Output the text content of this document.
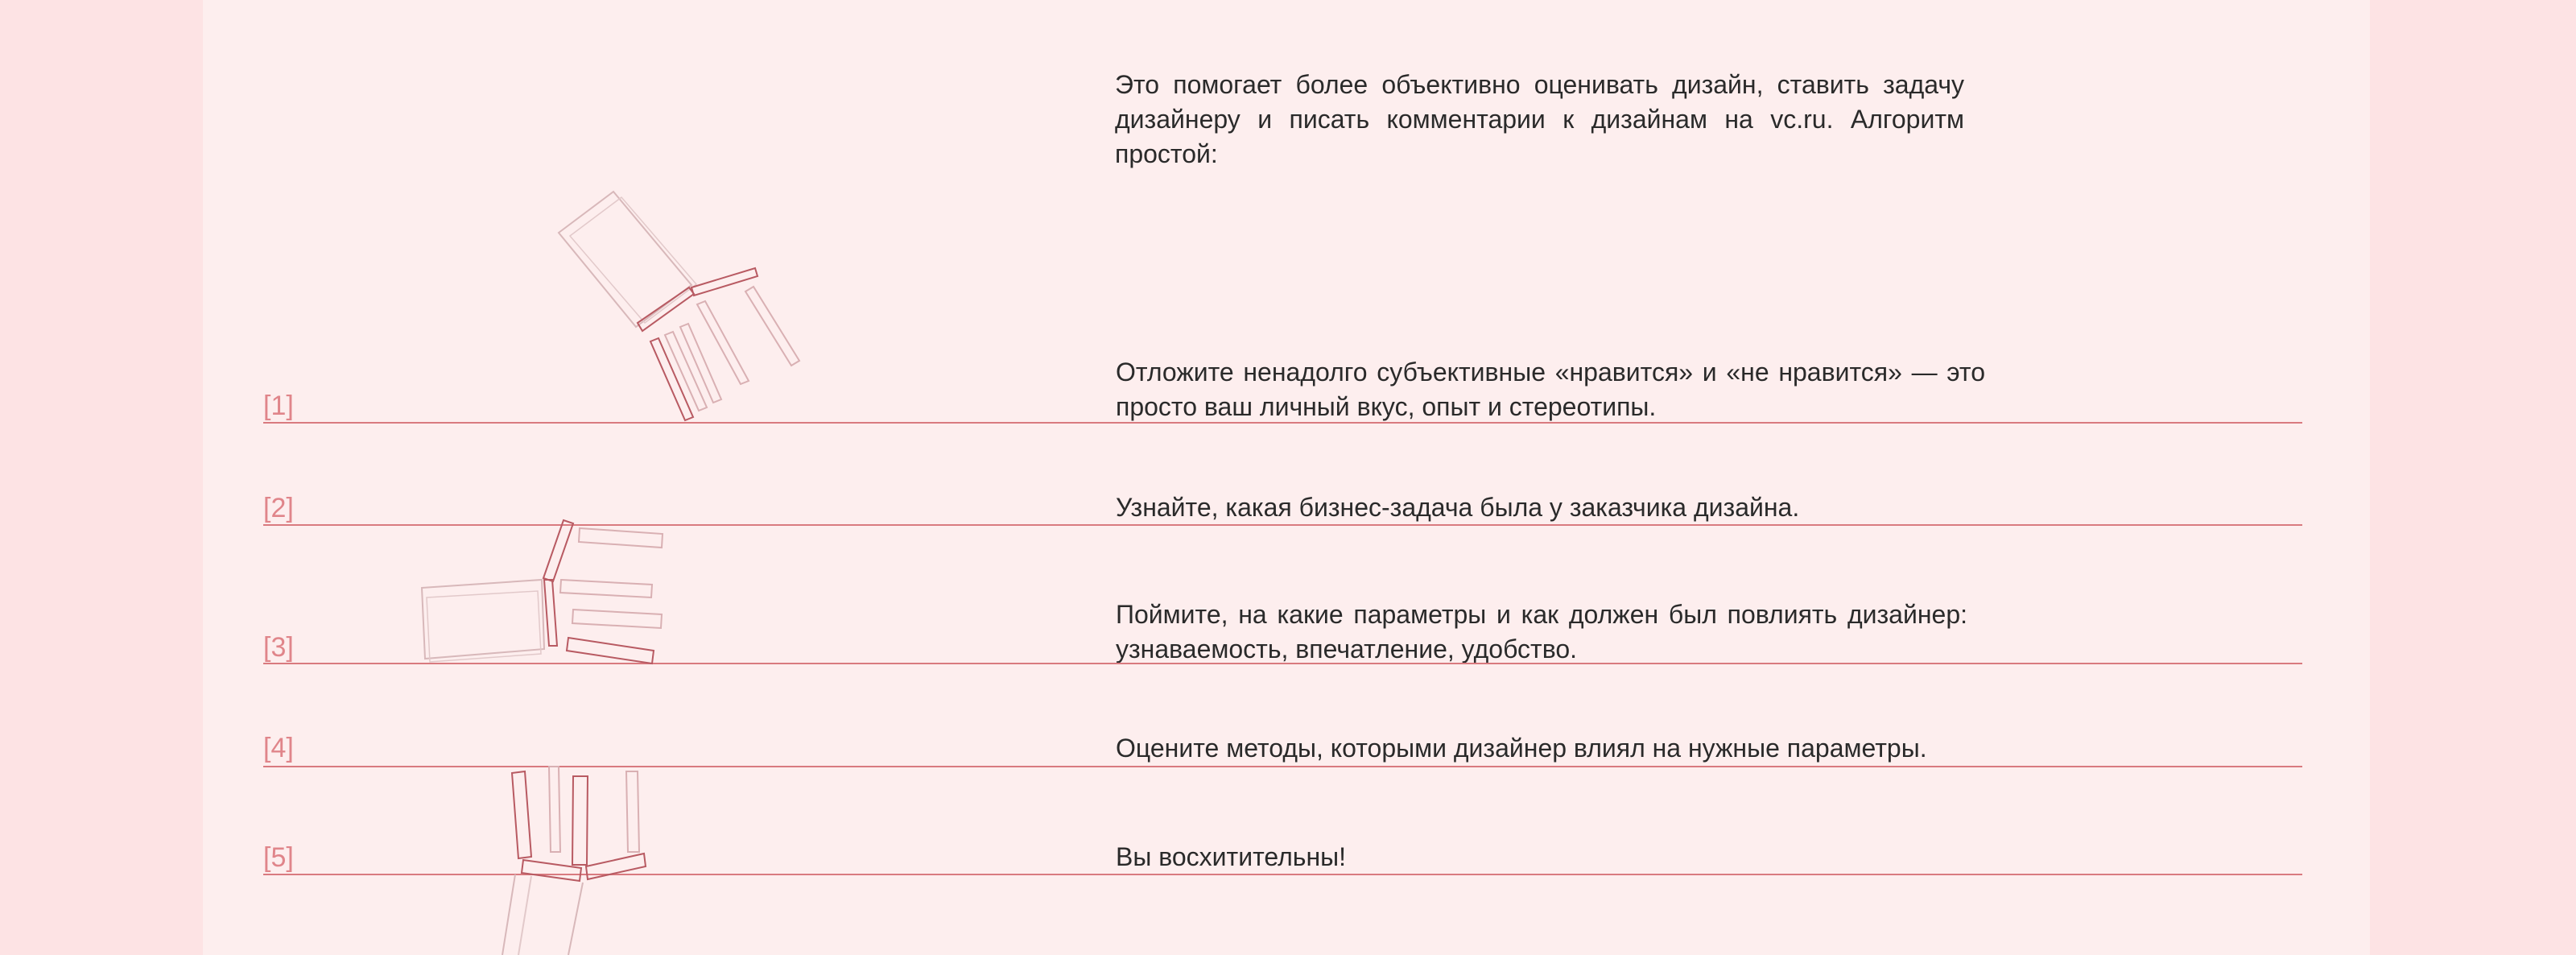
Это помогает более объективно оценивать дизайн, ставить задачу дизайнеру и писать комментарии к дизайнам на vc.ru. Алгоритм простой:

[1]

Отложите ненадолго субъективные «нравится» и «не нравится» — это просто ваш личный вкус, опыт и стереотипы.

[2]	Узнайте, какая бизнес-задача была у заказчика дизайна.

[3]

Поймите, на какие параметры и как должен был повлиять дизайнер: узнаваемость, впечатление, удобство.

[4]	Оцените методы, которыми дизайнер влиял на нужные параметры.

[5]	Вы восхитительны!
